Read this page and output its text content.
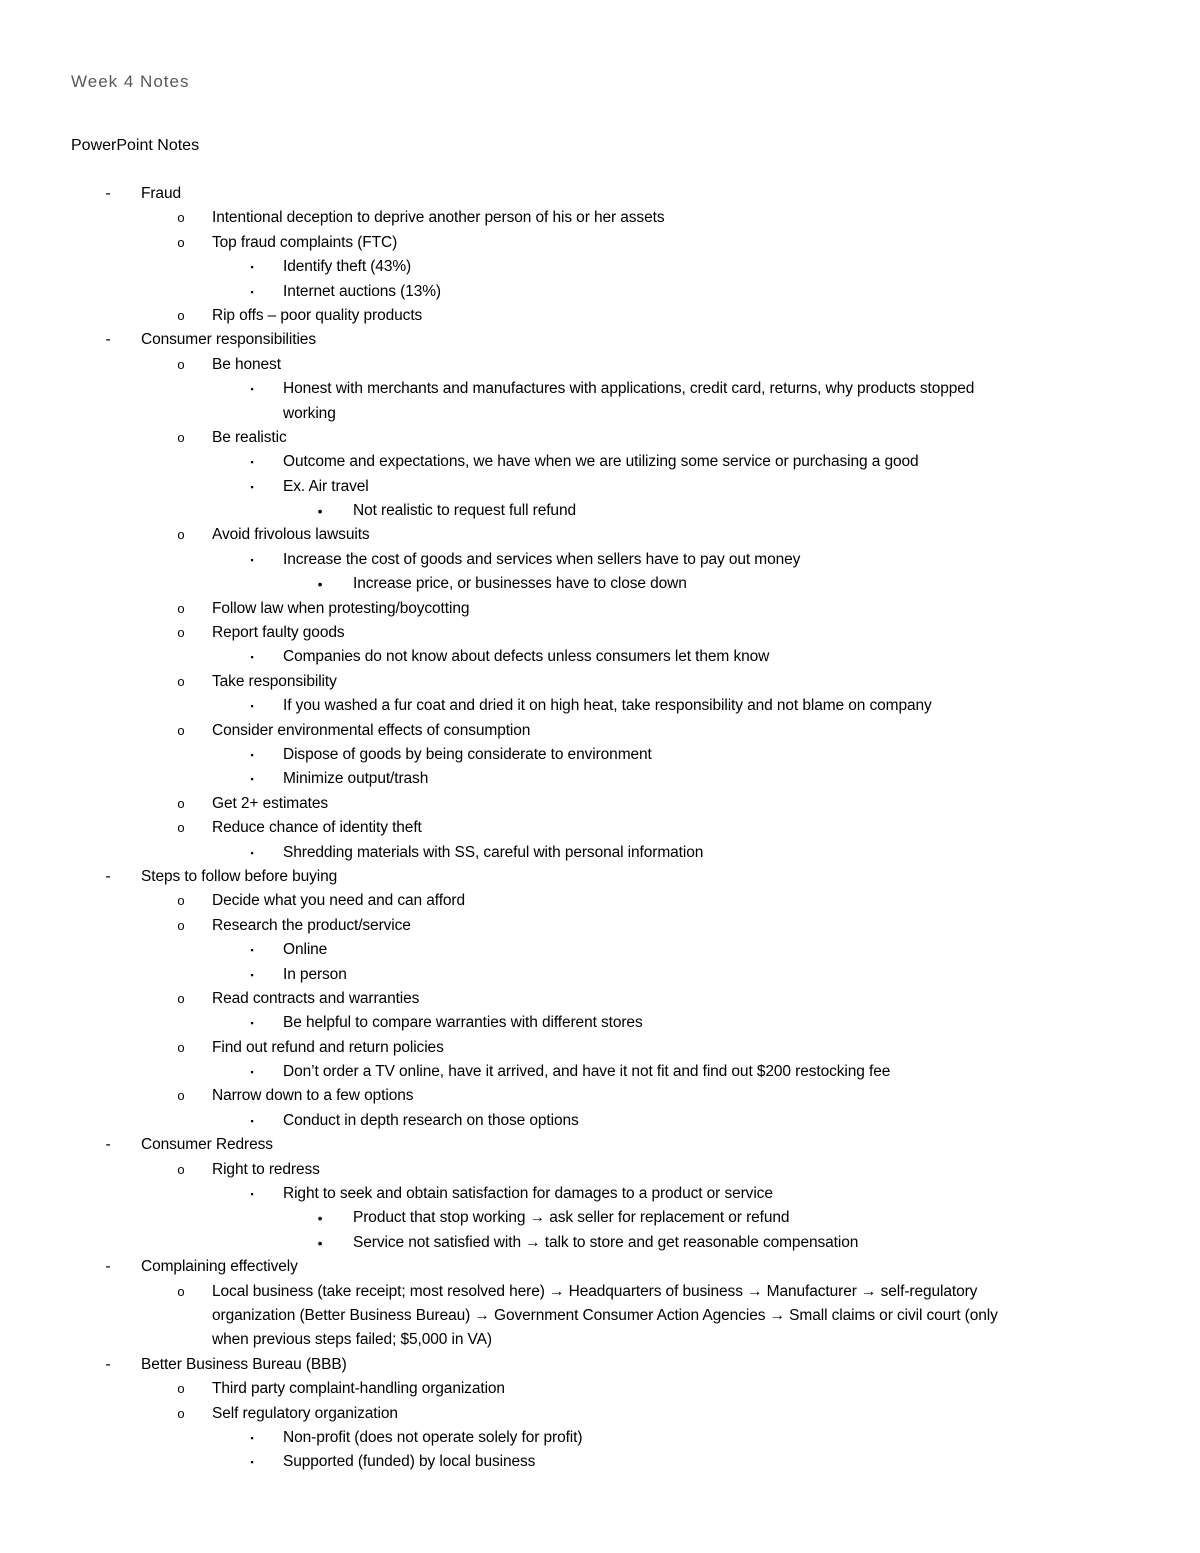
Week 4 Notes
PowerPoint Notes
- Fraud
o Intentional deception to deprive another person of his or her assets
o Top fraud complaints (FTC)
▪ Identify theft (43%)
▪ Internet auctions (13%)
o Rip offs – poor quality products
- Consumer responsibilities
o Be honest
▪ Honest with merchants and manufactures with applications, credit card, returns, why products stopped
working
o Be realistic
▪ Outcome and expectations, we have when we are utilizing some service or purchasing a good
▪ Ex. Air travel
• Not realistic to request full refund
o Avoid frivolous lawsuits
▪ Increase the cost of goods and services when sellers have to pay out money
• Increase price, or businesses have to close down
o Follow law when protesting/boycotting
o Report faulty goods
▪ Companies do not know about defects unless consumers let them know
o Take responsibility
▪ If you washed a fur coat and dried it on high heat, take responsibility and not blame on company
o Consider environmental effects of consumption
▪ Dispose of goods by being considerate to environment
▪ Minimize output/trash
o Get 2+ estimates
o Reduce chance of identity theft
▪ Shredding materials with SS, careful with personal information
- Steps to follow before buying
o Decide what you need and can afford
o Research the product/service
▪ Online
▪ In person
o Read contracts and warranties
▪ Be helpful to compare warranties with different stores
o Find out refund and return policies
▪ Don’t order a TV online, have it arrived, and have it not fit and find out $200 restocking fee
o Narrow down to a few options
▪ Conduct in depth research on those options
- Consumer Redress
o Right to redress
▪ Right to seek and obtain satisfaction for damages to a product or service
• Product that stop working → ask seller for replacement or refund
• Service not satisfied with → talk to store and get reasonable compensation
- Complaining effectively
o Local business (take receipt; most resolved here) → Headquarters of business → Manufacturer → self-regulatory
organization (Better Business Bureau) → Government Consumer Action Agencies → Small claims or civil court (only
when previous steps failed; $5,000 in VA)
- Better Business Bureau (BBB)
o Third party complaint-handling organization
o Self regulatory organization
▪ Non-profit (does not operate solely for profit)
▪ Supported (funded) by local business
